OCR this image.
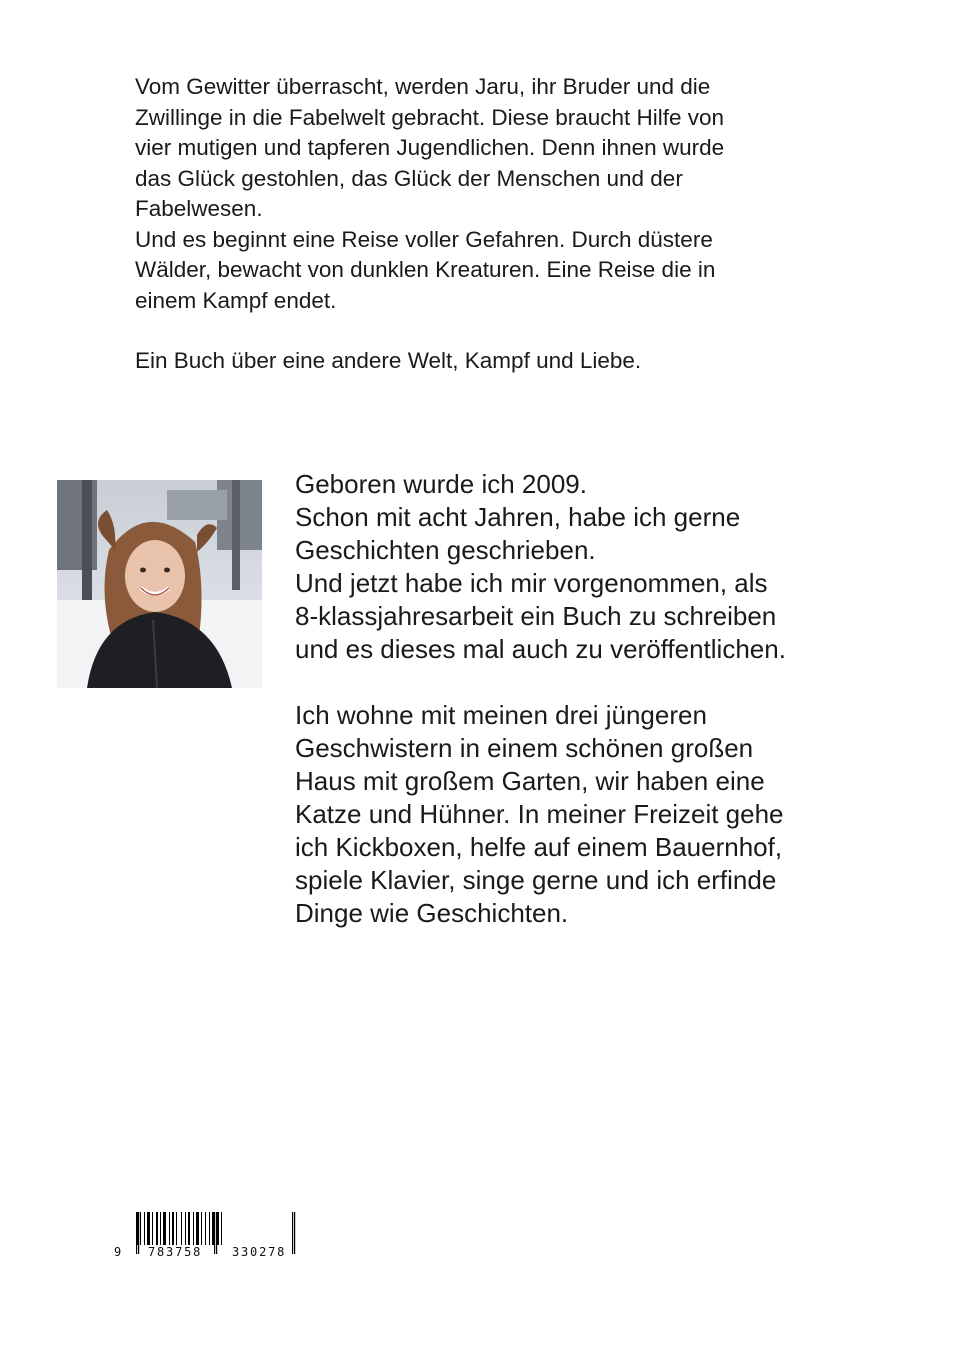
Vom Gewitter überrascht, werden Jaru, ihr Bruder und die
Zwillinge in die Fabelwelt gebracht. Diese braucht Hilfe von
vier mutigen und tapferen Jugendlichen. Denn ihnen wurde
das Glück gestohlen, das Glück der Menschen und der
Fabelwesen.
Und es beginnt eine Reise voller Gefahren. Durch düstere
Wälder, bewacht von dunklen Kreaturen. Eine Reise die in
einem Kampf endet.

Ein Buch über eine andere Welt, Kampf und Liebe.

Geboren wurde ich 2009.
Schon mit acht Jahren, habe ich gerne
Geschichten geschrieben.
Und jetzt habe ich mir vorgenommen, als
8-klassjahresarbeit ein Buch zu schreiben
und es dieses mal auch zu veröffentlichen.

Ich wohne mit meinen drei jüngeren
Geschwistern in einem schönen großen
Haus mit großem Garten, wir haben eine
Katze und Hühner. In meiner Freizeit gehe
ich Kickboxen, helfe auf einem Bauernhof,
spiele Klavier, singe gerne und ich erfinde
Dinge wie Geschichten.

9 783758 330278
